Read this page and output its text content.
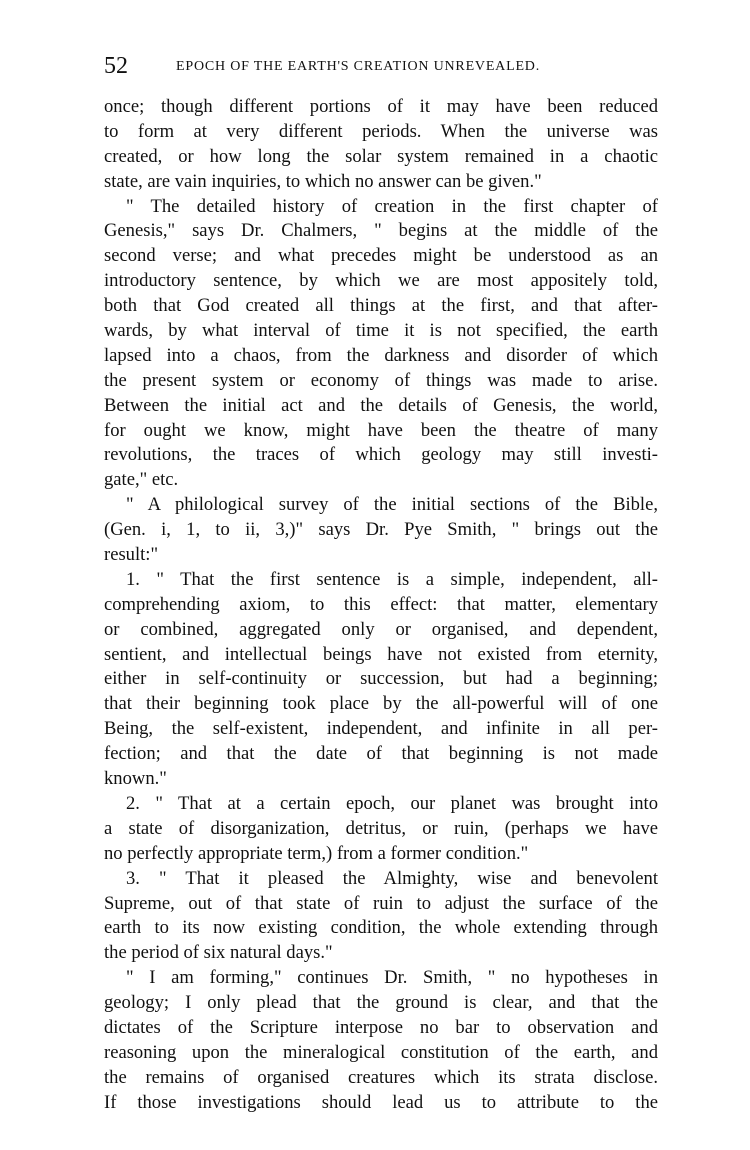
52	EPOCH OF THE EARTH'S CREATION UNREVEALED.
once; though different portions of it may have been reduced
to form at very different periods. When the universe was
created, or how long the solar system remained in a chaotic
state, are vain inquiries, to which no answer can be given."
" The detailed history of creation in the first chapter of
Genesis," says Dr. Chalmers, " begins at the middle of the
second verse; and what precedes might be understood as an
introductory sentence, by which we are most appositely told,
both that God created all things at the first, and that after-
wards, by what interval of time it is not specified, the earth
lapsed into a chaos, from the darkness and disorder of which
the present system or economy of things was made to arise.
Between the initial act and the details of Genesis, the world,
for ought we know, might have been the theatre of many
revolutions, the traces of which geology may still investi-
gate," etc.
" A philological survey of the initial sections of the Bible,
(Gen. i, 1, to ii, 3,)" says Dr. Pye Smith, " brings out the
result:"
1. " That the first sentence is a simple, independent, all-
comprehending axiom, to this effect: that matter, elementary
or combined, aggregated only or organised, and dependent,
sentient, and intellectual beings have not existed from eternity,
either in self-continuity or succession, but had a beginning;
that their beginning took place by the all-powerful will of one
Being, the self-existent, independent, and infinite in all per-
fection; and that the date of that beginning is not made
known."
2. " That at a certain epoch, our planet was brought into
a state of disorganization, detritus, or ruin, (perhaps we have
no perfectly appropriate term,) from a former condition."
3. " That it pleased the Almighty, wise and benevolent
Supreme, out of that state of ruin to adjust the surface of the
earth to its now existing condition, the whole extending through
the period of six natural days."
" I am forming," continues Dr. Smith, " no hypotheses in
geology; I only plead that the ground is clear, and that the
dictates of the Scripture interpose no bar to observation and
reasoning upon the mineralogical constitution of the earth, and
the remains of organised creatures which its strata disclose.
If those investigations should lead us to attribute to the
